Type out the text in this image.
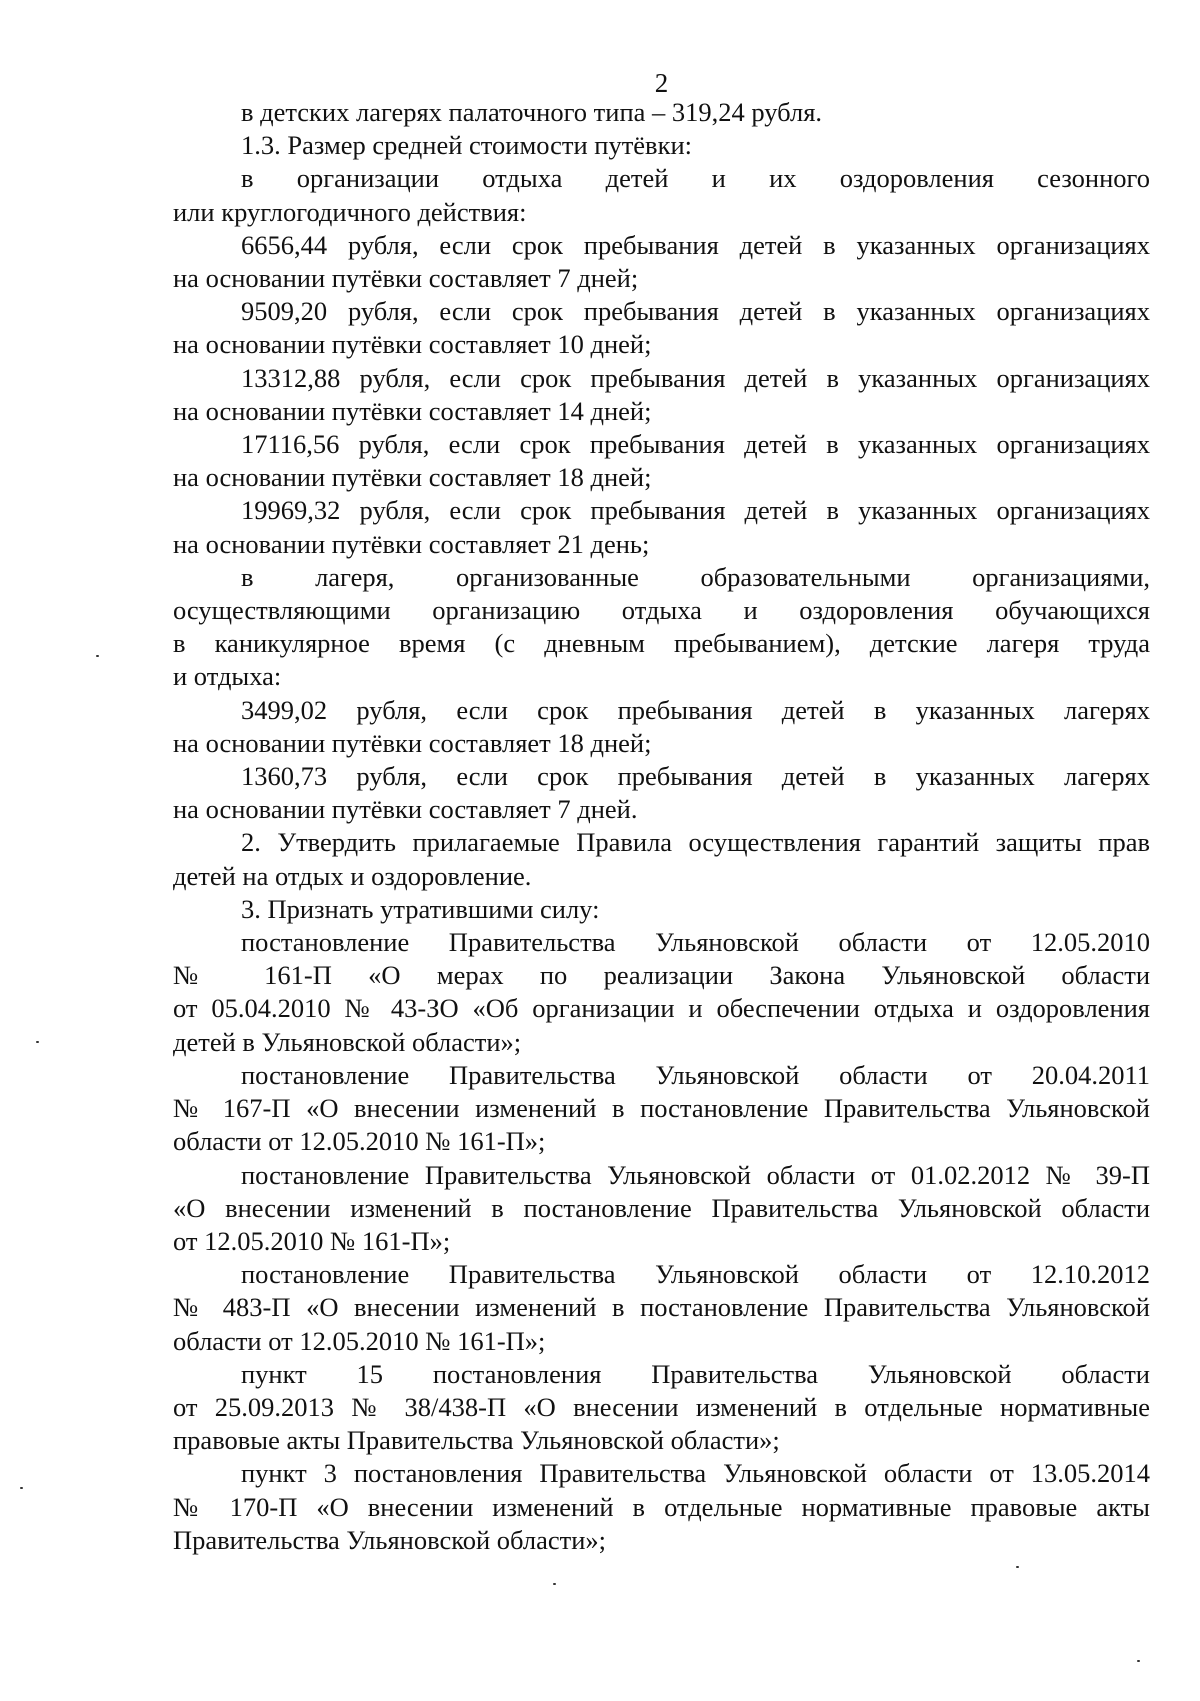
2

в детских лагерях палаточного типа – 319,24 рубля.

1.3. Размер средней стоимости путёвки:

в организации отдыха детей и их оздоровления сезонного

или круглогодичного действия:

6656,44 рубля, если срок пребывания детей в указанных организациях

на основании путёвки составляет 7 дней;

9509,20 рубля, если срок пребывания детей в указанных организациях

на основании путёвки составляет 10 дней;

13312,88 рубля, если срок пребывания детей в указанных организациях

на основании путёвки составляет 14 дней;

17116,56 рубля, если срок пребывания детей в указанных организациях

на основании путёвки составляет 18 дней;

19969,32 рубля, если срок пребывания детей в указанных организациях

на основании путёвки составляет 21 день;

в лагеря, организованные образовательными организациями,

осуществляющими организацию отдыха и оздоровления обучающихся

в каникулярное время (с дневным пребыванием), детские лагеря труда

и отдыха:

3499,02 рубля, если срок пребывания детей в указанных лагерях

на основании путёвки составляет 18 дней;

1360,73 рубля, если срок пребывания детей в указанных лагерях

на основании путёвки составляет 7 дней.

2. Утвердить прилагаемые Правила осуществления гарантий защиты прав

детей на отдых и оздоровление.

3. Признать утратившими силу:

постановление Правительства Ульяновской области от 12.05.2010

№ 161-П «О мерах по реализации Закона Ульяновской области

от 05.04.2010 № 43-ЗО «Об организации и обеспечении отдыха и оздоровления

детей в Ульяновской области»;

постановление Правительства Ульяновской области от 20.04.2011

№ 167-П «О внесении изменений в постановление Правительства Ульяновской

области от 12.05.2010 № 161-П»;

постановление Правительства Ульяновской области от 01.02.2012 № 39-П

«О внесении изменений в постановление Правительства Ульяновской области

от 12.05.2010 № 161-П»;

постановление Правительства Ульяновской области от 12.10.2012

№ 483-П «О внесении изменений в постановление Правительства Ульяновской

области от 12.05.2010 № 161-П»;

пункт 15 постановления Правительства Ульяновской области

от 25.09.2013 № 38/438-П «О внесении изменений в отдельные нормативные

правовые акты Правительства Ульяновской области»;

пункт 3 постановления Правительства Ульяновской области от 13.05.2014

№ 170-П «О внесении изменений в отдельные нормативные правовые акты

Правительства Ульяновской области»;
